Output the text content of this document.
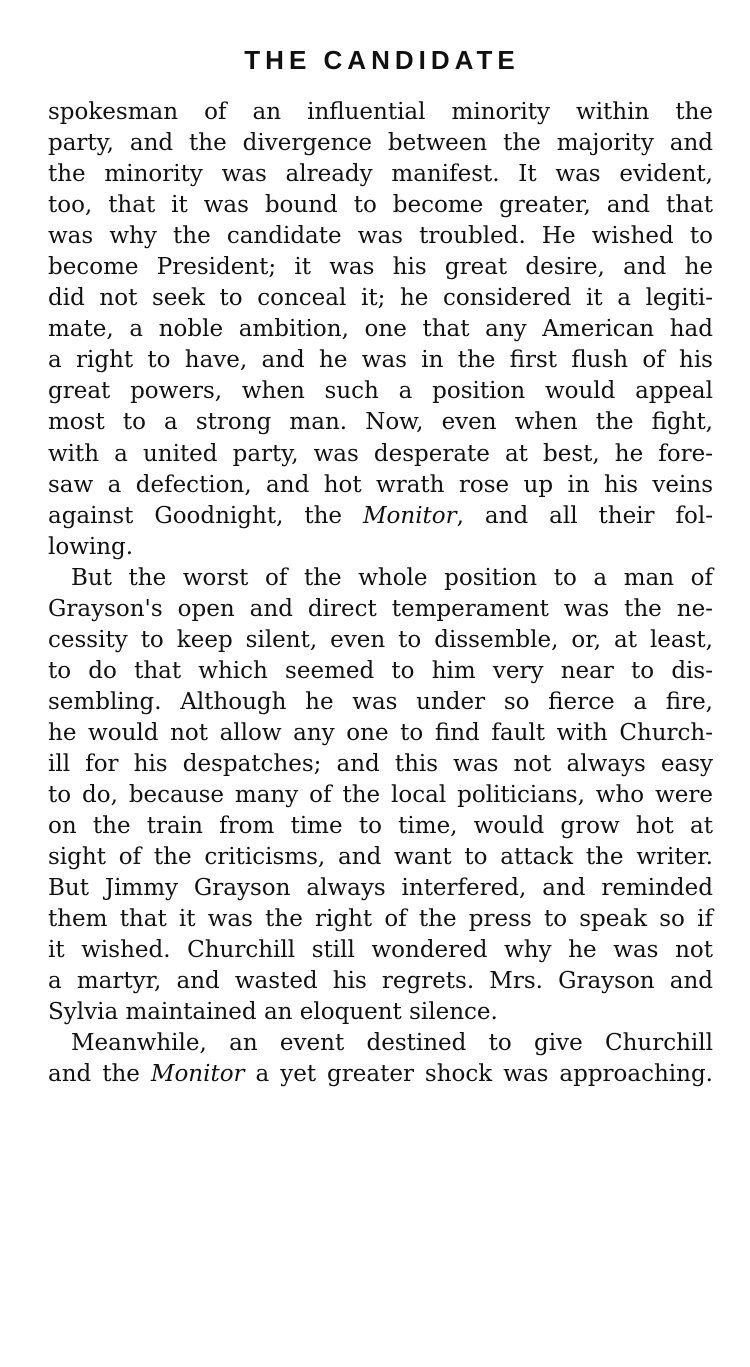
THE CANDIDATE
spokesman of an influential minority within the
party, and the divergence between the majority and
the minority was already manifest. It was evident,
too, that it was bound to become greater, and that
was why the candidate was troubled. He wished to
become President; it was his great desire, and he
did not seek to conceal it; he considered it a legiti-
mate, a noble ambition, one that any American had
a right to have, and he was in the first flush of his
great powers, when such a position would appeal
most to a strong man. Now, even when the fight,
with a united party, was desperate at best, he fore-
saw a defection, and hot wrath rose up in his veins
against Goodnight, the Monitor, and all their fol-
lowing.
 But the worst of the whole position to a man of
Grayson's open and direct temperament was the ne-
cessity to keep silent, even to dissemble, or, at least,
to do that which seemed to him very near to dis-
sembling. Although he was under so fierce a fire,
he would not allow any one to find fault with Church-
ill for his despatches; and this was not always easy
to do, because many of the local politicians, who were
on the train from time to time, would grow hot at
sight of the criticisms, and want to attack the writer.
But Jimmy Grayson always interfered, and reminded
them that it was the right of the press to speak so if
it wished. Churchill still wondered why he was not
a martyr, and wasted his regrets. Mrs. Grayson and
Sylvia maintained an eloquent silence.
 Meanwhile, an event destined to give Churchill
and the Monitor a yet greater shock was approaching.
